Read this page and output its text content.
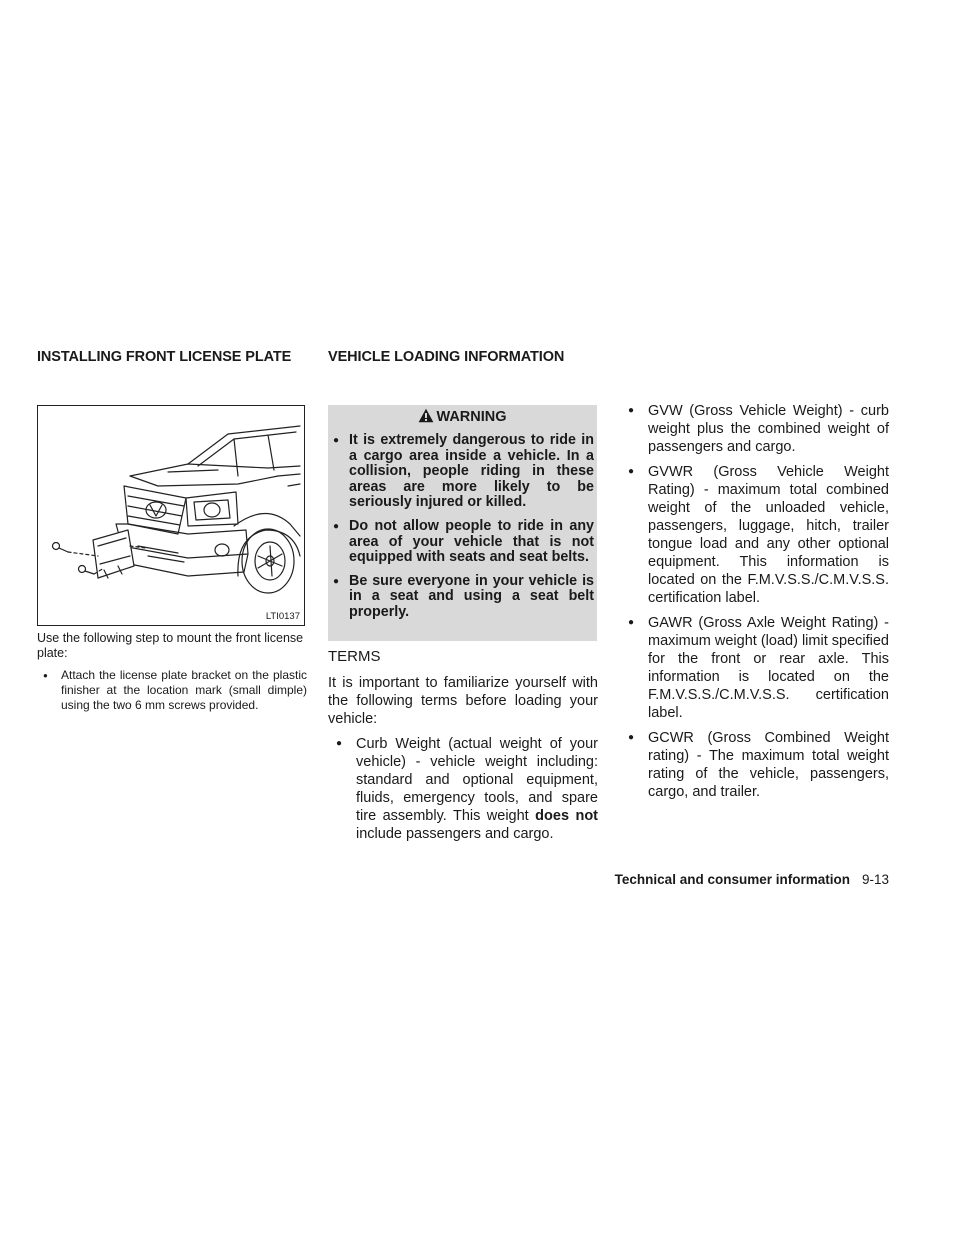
INSTALLING FRONT LICENSE PLATE	VEHICLE LOADING INFORMATION
LTI0137

Use the following step to mount the front license plate:

● Attach the license plate bracket on the plastic finisher at the location mark (small dimple) using the two 6 mm screws provided.
WARNING
● It is extremely dangerous to ride in a cargo area inside a vehicle. In a collision, people riding in these areas are more likely to be seriously injured or killed.
● Do not allow people to ride in any area of your vehicle that is not equipped with seats and seat belts.
● Be sure everyone in your vehicle is in a seat and using a seat belt properly.
TERMS

It is important to familiarize yourself with the following terms before loading your vehicle:

● Curb Weight (actual weight of your vehicle) - vehicle weight including: standard and optional equipment, fluids, emergency tools, and spare tire assembly. This weight does not include passengers and cargo.
● GVW (Gross Vehicle Weight) - curb weight plus the combined weight of passengers and cargo.
● GVWR (Gross Vehicle Weight Rating) - maximum total combined weight of the unloaded vehicle, passengers, luggage, hitch, trailer tongue load and any other optional equipment. This information is located on the F.M.V.S.S./C.M.V.S.S. certification label.
● GAWR (Gross Axle Weight Rating) - maximum weight (load) limit specified for the front or rear axle. This information is located on the F.M.V.S.S./C.M.V.S.S. certification label.
● GCWR (Gross Combined Weight rating) - The maximum total weight rating of the vehicle, passengers, cargo, and trailer.
Technical and consumer information 9-13
